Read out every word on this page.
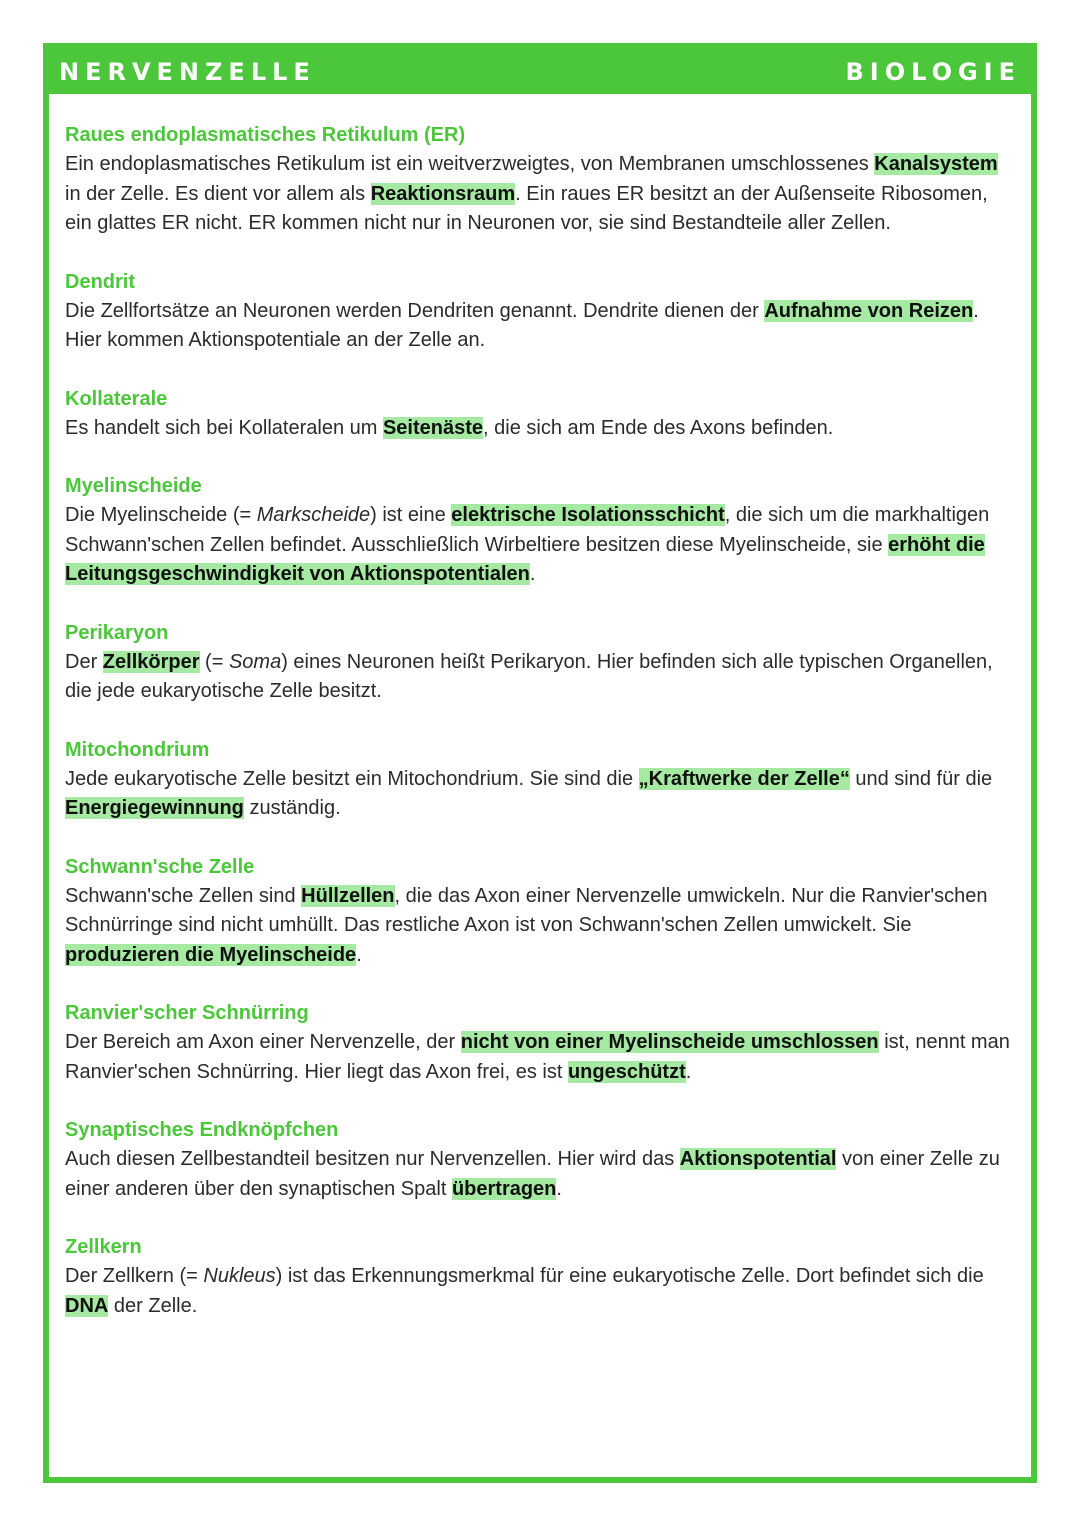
NERVENZELLE	BIOLOGIE
Raues endoplasmatisches Retikulum (ER)

Ein endoplasmatisches Retikulum ist ein weitverzweigtes, von Membranen umschlossenes Kanalsystem in der Zelle. Es dient vor allem als Reaktionsraum. Ein raues ER besitzt an der Außenseite Ribosomen, ein glattes ER nicht. ER kommen nicht nur in Neuronen vor, sie sind Bestandteile aller Zellen.

Dendrit

Die Zellfortsätze an Neuronen werden Dendriten genannt. Dendrite dienen der Aufnahme von Reizen. Hier kommen Aktionspotentiale an der Zelle an.

Kollaterale

Es handelt sich bei Kollateralen um Seitenäste, die sich am Ende des Axons befinden.

Myelinscheide

Die Myelinscheide (= Markscheide) ist eine elektrische Isolationsschicht, die sich um die markhaltigen Schwann'schen Zellen befindet. Ausschließlich Wirbeltiere besitzen diese Myelinscheide, sie erhöht die Leitungsgeschwindigkeit von Aktionspotentialen.

Perikaryon

Der Zellkörper (= Soma) eines Neuronen heißt Perikaryon. Hier befinden sich alle typischen Organellen, die jede eukaryotische Zelle besitzt.

Mitochondrium

Jede eukaryotische Zelle besitzt ein Mitochondrium. Sie sind die „Kraftwerke der Zelle“ und sind für die Energiegewinnung zuständig.

Schwann'sche Zelle

Schwann'sche Zellen sind Hüllzellen, die das Axon einer Nervenzelle umwickeln. Nur die Ranvier'schen Schnürringe sind nicht umhüllt. Das restliche Axon ist von Schwann'schen Zellen umwickelt. Sie produzieren die Myelinscheide.

Ranvier'scher Schnürring

Der Bereich am Axon einer Nervenzelle, der nicht von einer Myelinscheide umschlossen ist, nennt man Ranvier'schen Schnürring. Hier liegt das Axon frei, es ist ungeschützt.

Synaptisches Endknöpfchen

Auch diesen Zellbestandteil besitzen nur Nervenzellen. Hier wird das Aktionspotential von einer Zelle zu einer anderen über den synaptischen Spalt übertragen.

Zellkern

Der Zellkern (= Nukleus) ist das Erkennungsmerkmal für eine eukaryotische Zelle. Dort befindet sich die DNA der Zelle.
